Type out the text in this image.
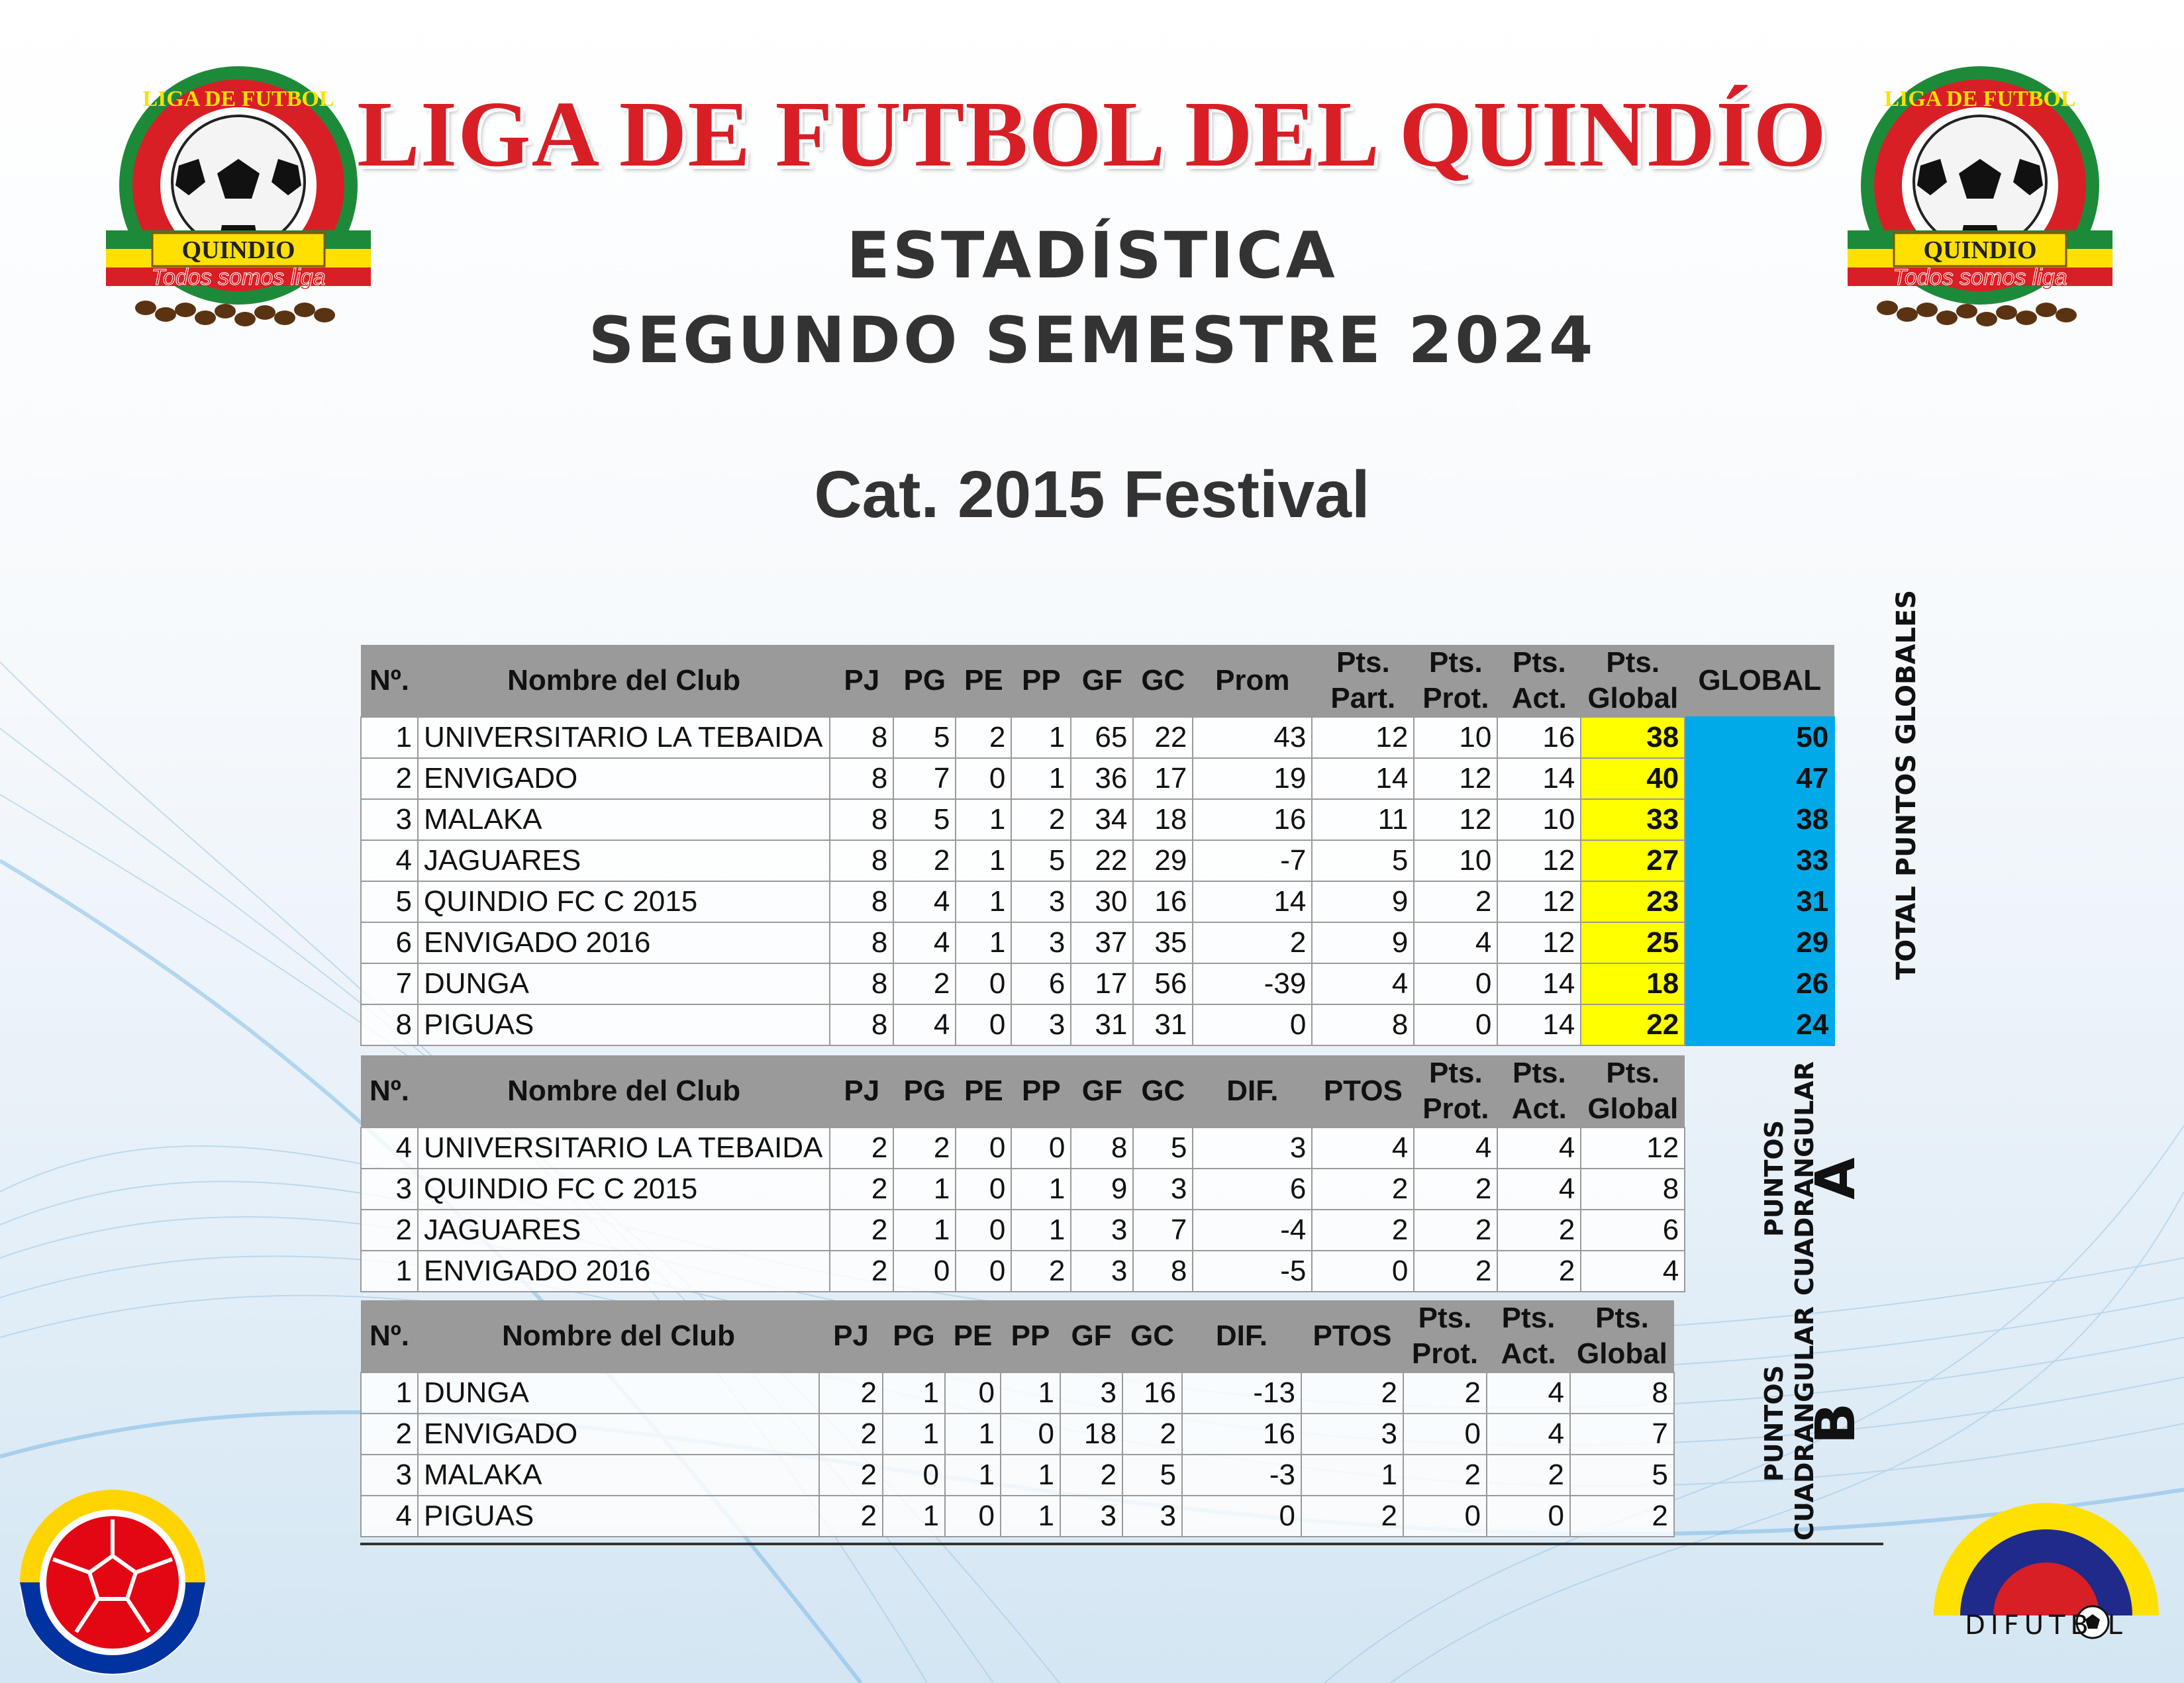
LIGA DE FUTBOL
QUINDIO
Todos somos liga
LIGA DE FUTBOL
QUINDIO
Todos somos liga
LIGA DE FUTBOL DEL QUINDÍO
ESTADÍSTICA
SEGUNDO SEMESTRE 2024
Cat. 2015 Festival
Nº.	Nombre del Club	PJ	PG	PE	PP	GF	GC	Prom	Pts. Part.	Pts. Prot.	Pts. Act.	Pts. Global	GLOBAL
1	UNIVERSITARIO LA TEBAIDA	8	5	2	1	65	22	43	12	10	16	38	50
2	ENVIGADO	8	7	0	1	36	17	19	14	12	14	40	47
3	MALAKA	8	5	1	2	34	18	16	11	12	10	33	38
4	JAGUARES	8	2	1	5	22	29	-7	5	10	12	27	33
5	QUINDIO FC C 2015	8	4	1	3	30	16	14	9	2	12	23	31
6	ENVIGADO 2016	8	4	1	3	37	35	2	9	4	12	25	29
7	DUNGA	8	2	0	6	17	56	-39	4	0	14	18	26
8	PIGUAS	8	4	0	3	31	31	0	8	0	14	22	24
TOTAL PUNTOS GLOBALES
Nº.	Nombre del Club	PJ	PG	PE	PP	GF	GC	DIF.	PTOS	Pts. Prot.	Pts. Act.	Pts. Global
4	UNIVERSITARIO LA TEBAIDA	2	2	0	0	8	5	3	4	4	4	12
3	QUINDIO FC C 2015	2	1	0	1	9	3	6	2	2	4	8
2	JAGUARES	2	1	0	1	3	7	-4	2	2	2	6
1	ENVIGADO 2016	2	0	0	2	3	8	-5	0	2	2	4
PUNTOS CUADRANGULAR
A
Nº.	Nombre del Club	PJ	PG	PE	PP	GF	GC	DIF.	PTOS	Pts. Prot.	Pts. Act.	Pts. Global
1	DUNGA	2	1	0	1	3	16	-13	2	2	4	8
2	ENVIGADO	2	1	1	0	18	2	16	3	0	4	7
3	MALAKA	2	0	1	1	2	5	-3	1	2	2	5
4	PIGUAS	2	1	0	1	3	3	0	2	0	0	2
PUNTOS CUADRANGULAR
B
DIFUTB L
